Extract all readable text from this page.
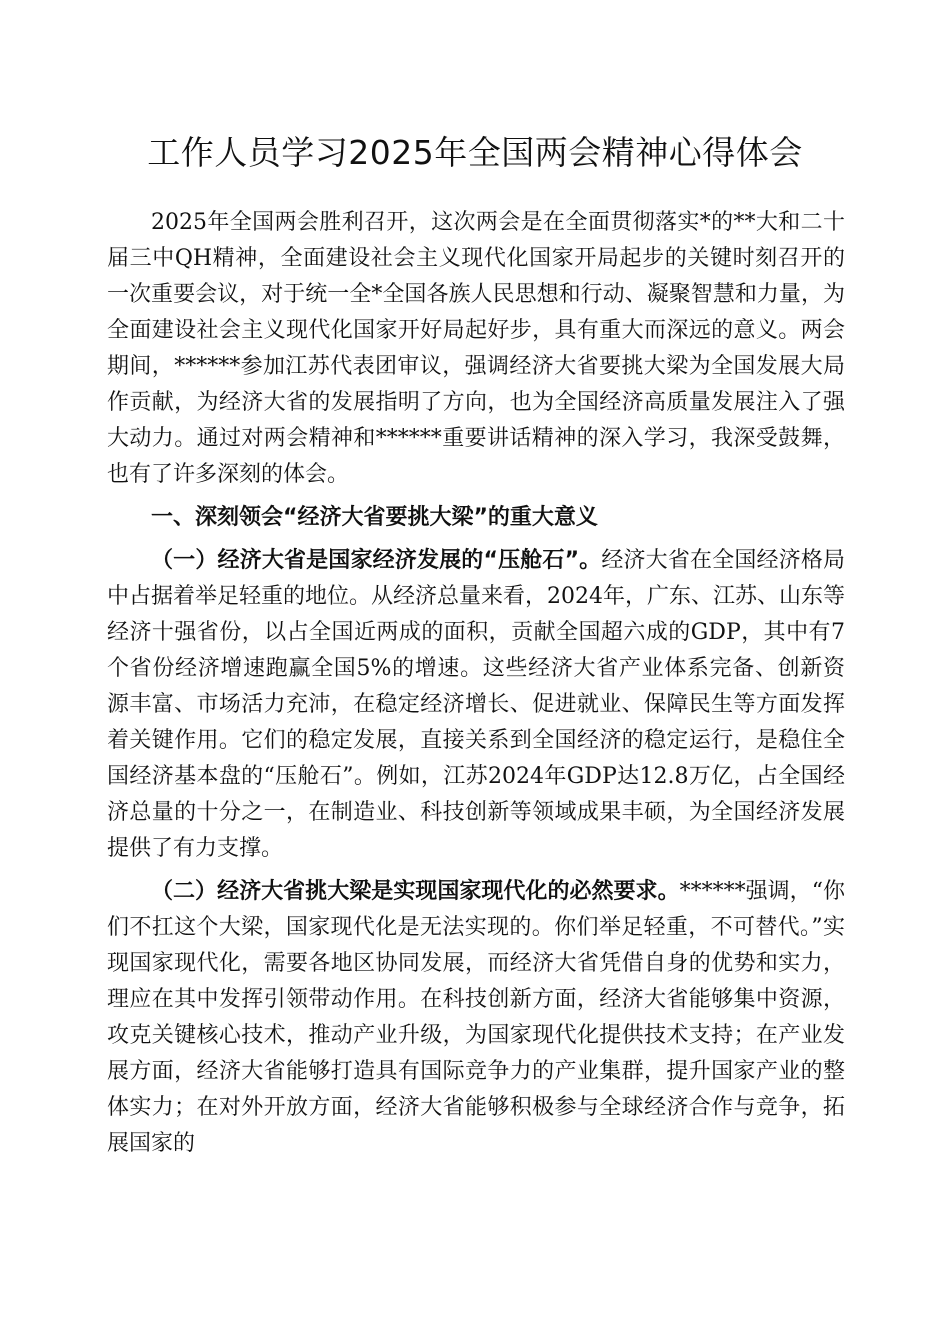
工作人员学习2025年全国两会精神心得体会

2025年全国两会胜利召开，这次两会是在全面贯彻落实*的**大和二十届三中QH精神，全面建设社会主义现代化国家开局起步的关键时刻召开的一次重要会议，对于统一全*全国各族人民思想和行动、凝聚智慧和力量，为全面建设社会主义现代化国家开好局起好步，具有重大而深远的意义。两会期间，******参加江苏代表团审议，强调经济大省要挑大梁为全国发展大局作贡献，为经济大省的发展指明了方向，也为全国经济高质量发展注入了强大动力。通过对两会精神和******重要讲话精神的深入学习，我深受鼓舞，也有了许多深刻的体会。

一、深刻领会“经济大省要挑大梁”的重大意义

（一）经济大省是国家经济发展的“压舱石”。经济大省在全国经济格局中占据着举足轻重的地位。从经济总量来看，2024年，广东、江苏、山东等经济十强省份，以占全国近两成的面积，贡献全国超六成的GDP，其中有7个省份经济增速跑赢全国5%的增速。这些经济大省产业体系完备、创新资源丰富、市场活力充沛，在稳定经济增长、促进就业、保障民生等方面发挥着关键作用。它们的稳定发展，直接关系到全国经济的稳定运行，是稳住全国经济基本盘的“压舱石”。例如，江苏2024年GDP达12.8万亿，占全国经济总量的十分之一，在制造业、科技创新等领域成果丰硕，为全国经济发展提供了有力支撑。

（二）经济大省挑大梁是实现国家现代化的必然要求。******强调，“你们不扛这个大梁，国家现代化是无法实现的。你们举足轻重，不可替代。”实现国家现代化，需要各地区协同发展，而经济大省凭借自身的优势和实力，理应在其中发挥引领带动作用。在科技创新方面，经济大省能够集中资源，攻克关键核心技术，推动产业升级，为国家现代化提供技术支持；在产业发展方面，经济大省能够打造具有国际竞争力的产业集群，提升国家产业的整体实力；在对外开放方面，经济大省能够积极参与全球经济合作与竞争，拓展国家的
